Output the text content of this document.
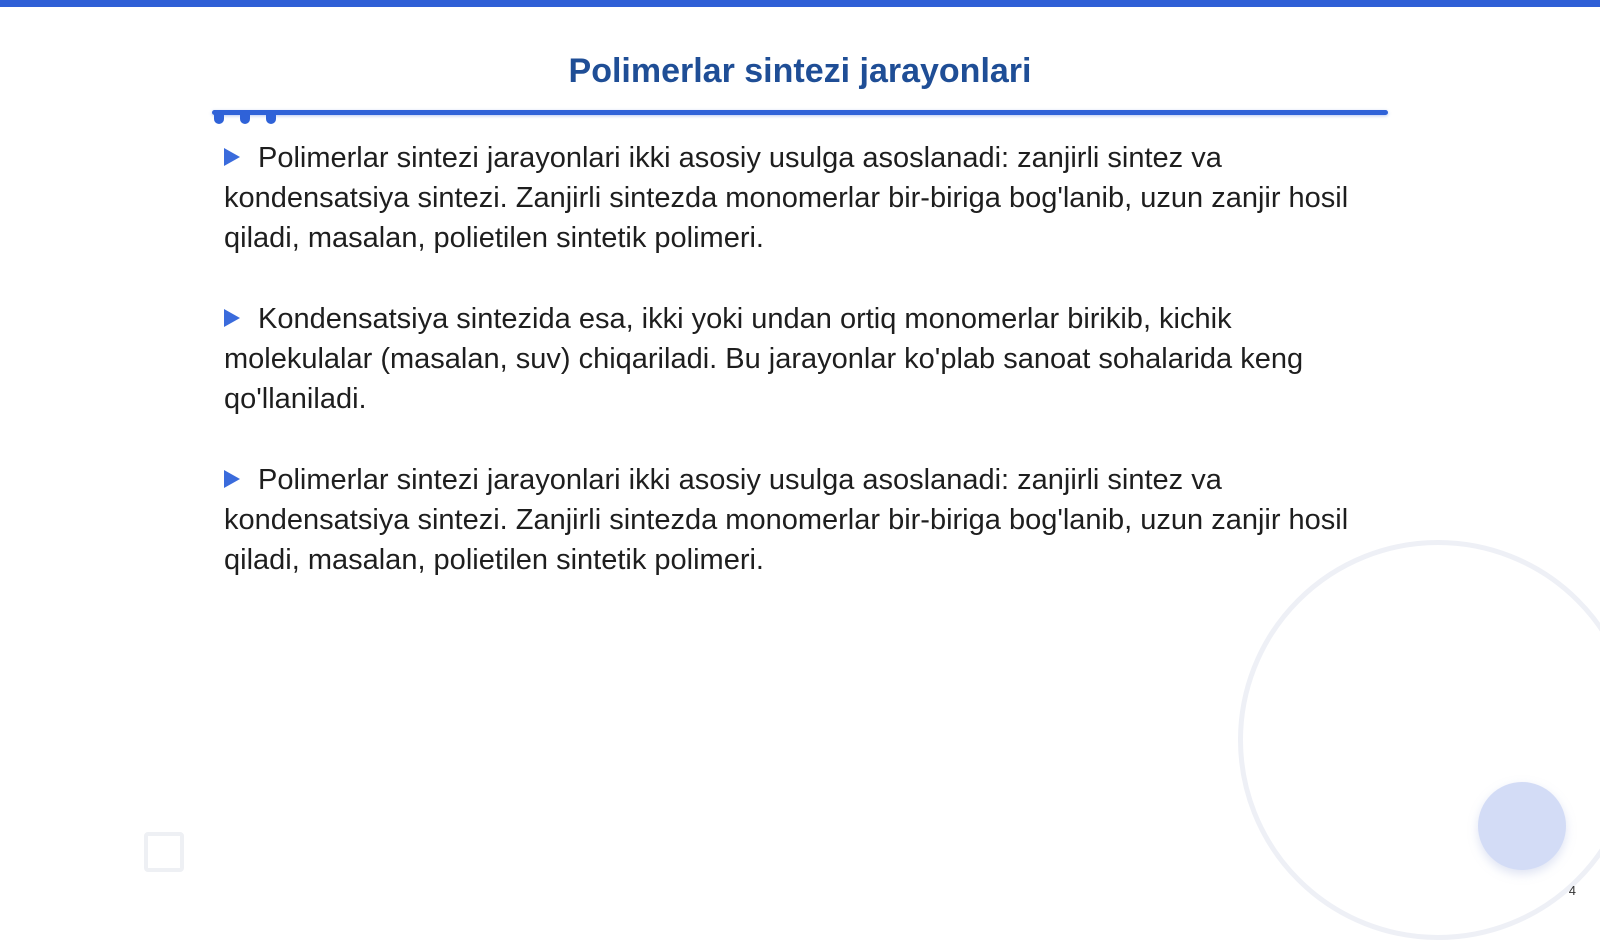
Polimerlar sintezi jarayonlari

Polimerlar sintezi jarayonlari ikki asosiy usulga asoslanadi: zanjirli sintez va kondensatsiya sintezi. Zanjirli sintezda monomerlar bir-biriga bog'lanib, uzun zanjir hosil qiladi, masalan, polietilen sintetik polimeri.

Kondensatsiya sintezida esa, ikki yoki undan ortiq monomerlar birikib, kichik molekulalar (masalan, suv) chiqariladi. Bu jarayonlar ko'plab sanoat sohalarida keng qo'llaniladi.

Polimerlar sintezi jarayonlari ikki asosiy usulga asoslanadi: zanjirli sintez va kondensatsiya sintezi. Zanjirli sintezda monomerlar bir-biriga bog'lanib, uzun zanjir hosil qiladi, masalan, polietilen sintetik polimeri.

4
